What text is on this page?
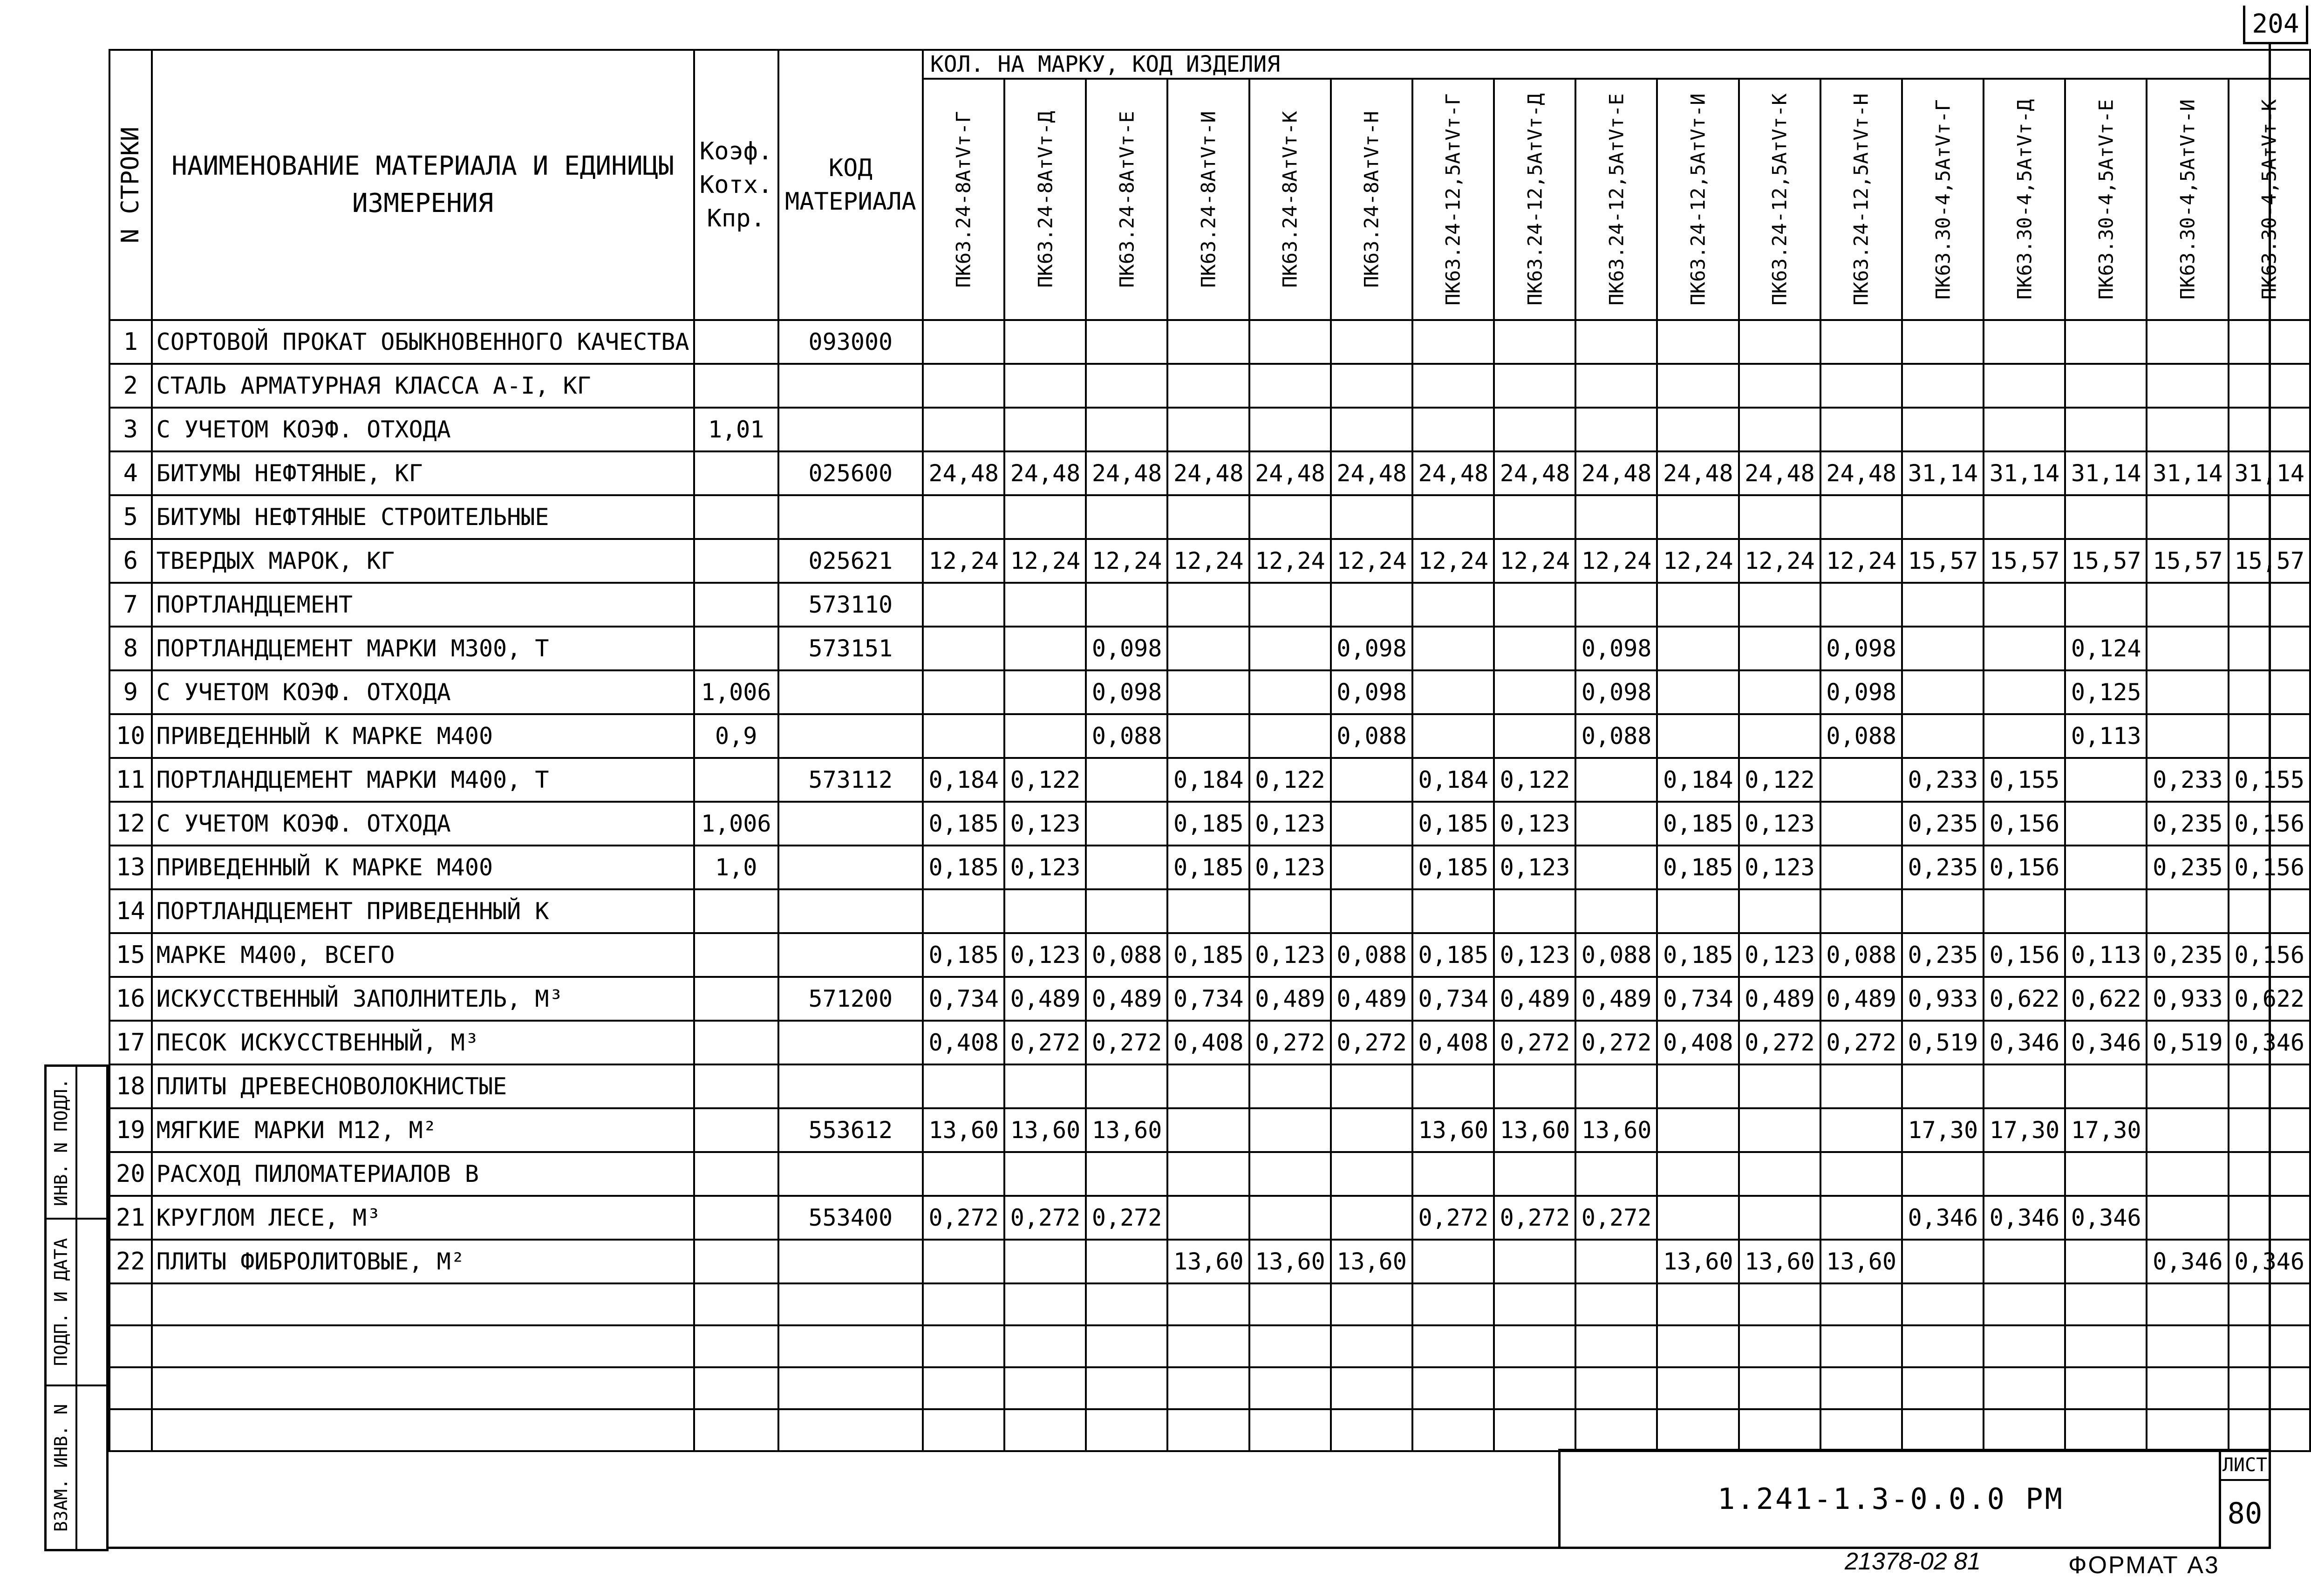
204
N СТРОКИ	НАИМЕНОВАНИЕ МАТЕРИАЛА И ЕДИНИЦЫ ИЗМЕРЕНИЯ	Коэф. Котх. Кпр.	КОД МАТЕРИАЛА	КОЛ. НА МАРКУ, КОД ИЗДЕЛИЯ																

				ПК63.24-8АтVт-Г	ПК63.24-8АтVт-Д	ПК63.24-8АтVт-Е	ПК63.24-8АтVт-И	ПК63.24-8АтVт-К	ПК63.24-8АтVт-Н	ПК63.24-12,5АтVт-Г	ПК63.24-12,5АтVт-Д	ПК63.24-12,5АтVт-Е	ПК63.24-12,5АтVт-И	ПК63.24-12,5АтVт-К	ПК63.24-12,5АтVт-Н	ПК63.30-4,5АтVт-Г	ПК63.30-4,5АтVт-Д	ПК63.30-4,5АтVт-Е	ПК63.30-4,5АтVт-И	ПК63.30-4,5АтVт-К

1	СОРТОВОЙ ПРОКАТ ОБЫКНОВЕННОГО КАЧЕСТВА		093000																	
2	СТАЛЬ АРМАТУРНАЯ КЛАССА А-I, КГ																			
3	С УЧЕТОМ КОЭФ. ОТХОДА	1,01																		
4	БИТУМЫ НЕФТЯНЫЕ, КГ		025600	24,48	24,48	24,48	24,48	24,48	24,48	24,48	24,48	24,48	24,48	24,48	24,48	31,14	31,14	31,14	31,14	31,14
5	БИТУМЫ НЕФТЯНЫЕ СТРОИТЕЛЬНЫЕ																			
6	ТВЕРДЫХ МАРОК, КГ		025621	12,24	12,24	12,24	12,24	12,24	12,24	12,24	12,24	12,24	12,24	12,24	12,24	15,57	15,57	15,57	15,57	15,57
7	ПОРТЛАНДЦЕМЕНТ		573110																	
8	ПОРТЛАНДЦЕМЕНТ МАРКИ М300, Т		573151			0,098			0,098			0,098			0,098			0,124		
9	С УЧЕТОМ КОЭФ. ОТХОДА	1,006				0,098			0,098			0,098			0,098			0,125		
10	ПРИВЕДЕННЫЙ К МАРКЕ М400	0,9				0,088			0,088			0,088			0,088			0,113		
11	ПОРТЛАНДЦЕМЕНТ МАРКИ М400, Т		573112	0,184	0,122		0,184	0,122		0,184	0,122		0,184	0,122		0,233	0,155		0,233	0,155
12	С УЧЕТОМ КОЭФ. ОТХОДА	1,006		0,185	0,123		0,185	0,123		0,185	0,123		0,185	0,123		0,235	0,156		0,235	0,156
13	ПРИВЕДЕННЫЙ К МАРКЕ М400	1,0		0,185	0,123		0,185	0,123		0,185	0,123		0,185	0,123		0,235	0,156		0,235	0,156
14	ПОРТЛАНДЦЕМЕНТ ПРИВЕДЕННЫЙ К																			
15	МАРКЕ М400, ВСЕГО			0,185	0,123	0,088	0,185	0,123	0,088	0,185	0,123	0,088	0,185	0,123	0,088	0,235	0,156	0,113	0,235	0,156
16	ИСКУССТВЕННЫЙ ЗАПОЛНИТЕЛЬ, М³		571200	0,734	0,489	0,489	0,734	0,489	0,489	0,734	0,489	0,489	0,734	0,489	0,489	0,933	0,622	0,622	0,933	0,622
17	ПЕСОК ИСКУССТВЕННЫЙ, М³			0,408	0,272	0,272	0,408	0,272	0,272	0,408	0,272	0,272	0,408	0,272	0,272	0,519	0,346	0,346	0,519	0,346
18	ПЛИТЫ ДРЕВЕСНОВОЛОКНИСТЫЕ																			
19	МЯГКИЕ МАРКИ М12, М²		553612	13,60	13,60	13,60				13,60	13,60	13,60				17,30	17,30	17,30		
20	РАСХОД ПИЛОМАТЕРИАЛОВ В																			
21	КРУГЛОМ ЛЕСЕ, М³		553400	0,272	0,272	0,272				0,272	0,272	0,272				0,346	0,346	0,346		
22	ПЛИТЫ ФИБРОЛИТОВЫЕ, М²						13,60	13,60	13,60				13,60	13,60	13,60				0,346	0,346

ИНВ. N ПОДЛ.
ПОДП. И ДАТА
ВЗАМ. ИНВ. N	1.241-1.3-0.0.0 РМ
ЛИСТ
80
21378-02 81	ФОРМАТ А3
